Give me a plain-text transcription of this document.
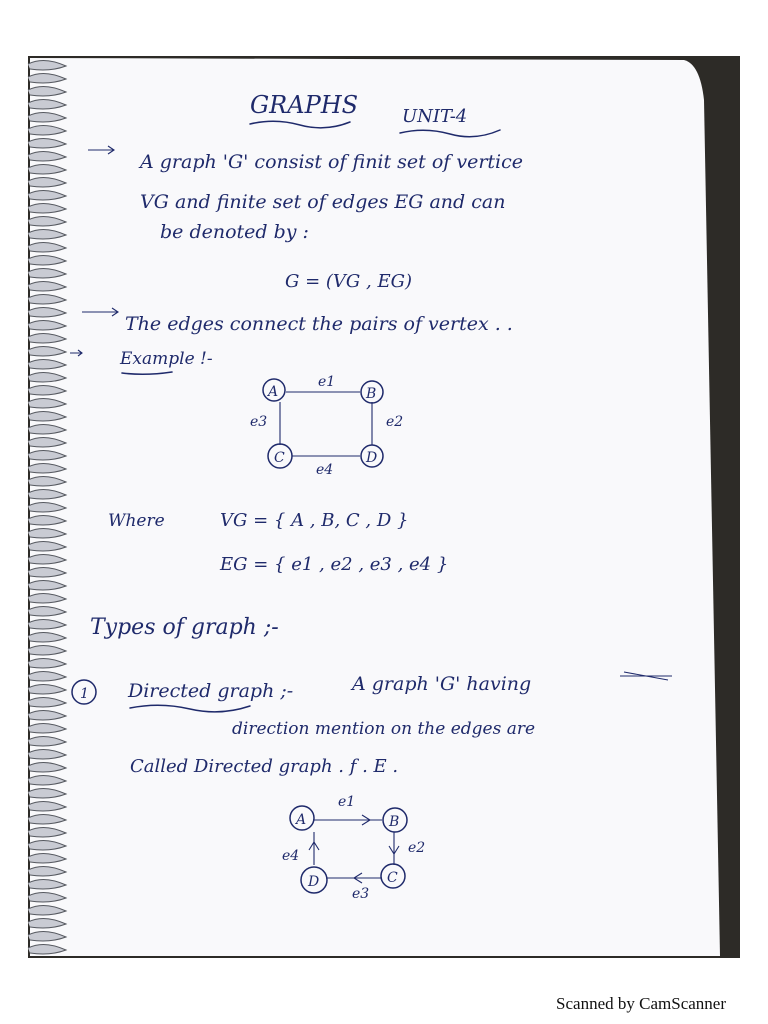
GRAPHS UNIT-4
A graph 'G' consist of finit set of vertice
VG and finite set of edges EG and can
be denoted by :
G = (VG , EG)
The edges connect the pairs of vertex . .
Example !-
A	B
C	D
e1
e2
e3
e4
Where	VG = { A , B, C , D }
EG = { e1 , e2 , e3 , e4 }
Types of graph ;-
1 Directed graph ;-	A graph 'G' having
direction mention on the edges are
Called Directed graph . f . E .
A	B
C
D
e1
e2
e3
e4
Scanned by CamScanner
